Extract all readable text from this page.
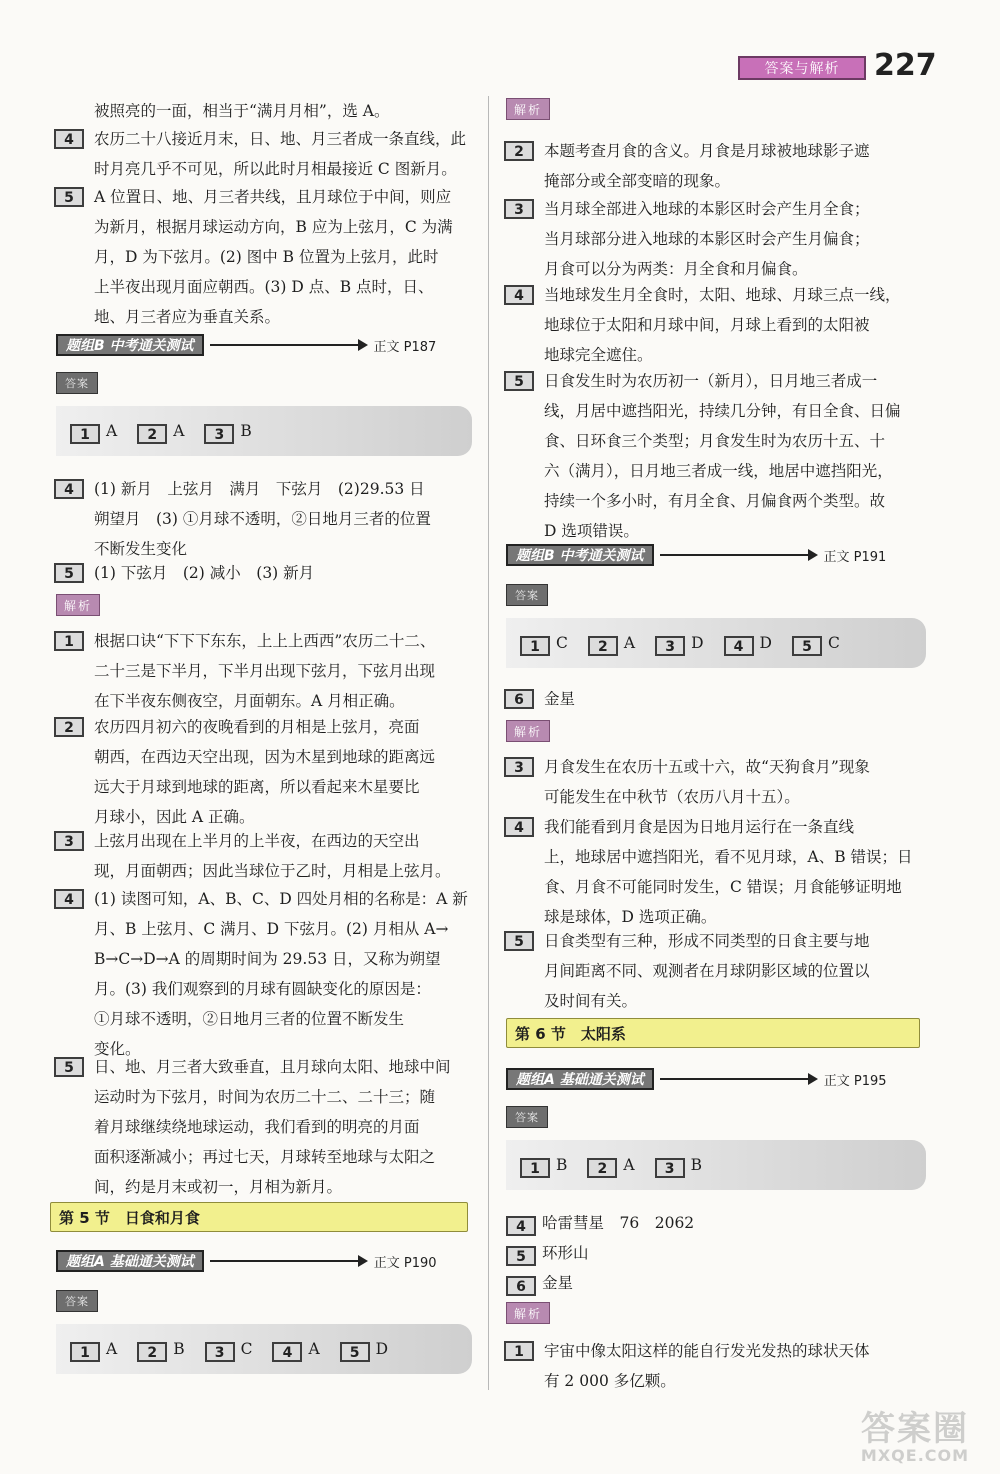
答案与解析	227
被照亮的一面，相当于“满月月相”，选 A。
4	农历二十八接近月末，日、地、月三者成一条直线，此
时月亮几乎不可见，所以此时月相最接近 C 图新月。
5	A 位置日、地、月三者共线，且月球位于中间，则应
为新月，根据月球运动方向，B 应为上弦月，C 为满
月，D 为下弦月。(2) 图中 B 位置为上弦月，此时
上半夜出现月面应朝西。(3) D 点、B 点时，日、
地、月三者应为垂直关系。
题组B 中考通关测试	正文 P187
答案
1 A	2 A	3 B
4	(1) 新月　上弦月　满月　下弦月　(2)29.53 日
朔望月　(3) ①月球不透明，②日地月三者的位置
不断发生变化
5	(1) 下弦月　(2) 减小　(3) 新月
解析
1	根据口诀“下下下东东，上上上西西”农历二十二、
二十三是下半月，下半月出现下弦月，下弦月出现
在下半夜东侧夜空，月面朝东。A 月相正确。
2	农历四月初六的夜晚看到的月相是上弦月，亮面
朝西，在西边天空出现，因为木星到地球的距离远
远大于月球到地球的距离，所以看起来木星要比
月球小，因此 A 正确。
3	上弦月出现在上半月的上半夜，在西边的天空出
现，月面朝西；因此当球位于乙时，月相是上弦月。
4	(1) 读图可知，A、B、C、D 四处月相的名称是：A 新
月、B 上弦月、C 满月、D 下弦月。(2) 月相从 A→
B→C→D→A 的周期时间为 29.53 日，又称为朔望
月。(3) 我们观察到的月球有圆缺变化的原因是：
①月球不透明，②日地月三者的位置不断发生
变化。
5	日、地、月三者大致垂直，且月球向太阳、地球中间
运动时为下弦月，时间为农历二十二、二十三；随
着月球继续绕地球运动，我们看到的明亮的月面
面积逐渐减小；再过七天，月球转至地球与太阳之
间，约是月末或初一，月相为新月。
第 5 节　日食和月食
题组A 基础通关测试	正文 P190
答案
1 A	2 B	3 C	4 A	5 D
解析
2	本题考查月食的含义。月食是月球被地球影子遮
掩部分或全部变暗的现象。
3	当月球全部进入地球的本影区时会产生月全食；
当月球部分进入地球的本影区时会产生月偏食；
月食可以分为两类：月全食和月偏食。
4	当地球发生月全食时，太阳、地球、月球三点一线，
地球位于太阳和月球中间，月球上看到的太阳被
地球完全遮住。
5	日食发生时为农历初一（新月），日月地三者成一
线，月居中遮挡阳光，持续几分钟，有日全食、日偏
食、日环食三个类型；月食发生时为农历十五、十
六（满月），日月地三者成一线，地居中遮挡阳光，
持续一个多小时，有月全食、月偏食两个类型。故
D 选项错误。
题组B 中考通关测试	正文 P191
答案
1 C	2 A	3 D	4 D	5 C
6	金星
解析
3	月食发生在农历十五或十六，故“天狗食月”现象
可能发生在中秋节（农历八月十五）。
4	我们能看到月食是因为日地月运行在一条直线
上，地球居中遮挡阳光，看不见月球，A、B 错误；日
食、月食不可能同时发生，C 错误；月食能够证明地
球是球体，D 选项正确。
5	日食类型有三种，形成不同类型的日食主要与地
月间距离不同、观测者在月球阴影区域的位置以
及时间有关。
第 6 节　太阳系
题组A 基础通关测试	正文 P195
答案
1 B	2 A	3 B
4 哈雷彗星　76　2062
5 环形山
6 金星
解析
1	宇宙中像太阳这样的能自行发光发热的球状天体
有 2 000 多亿颗。
答案圈
MXQE.COM
